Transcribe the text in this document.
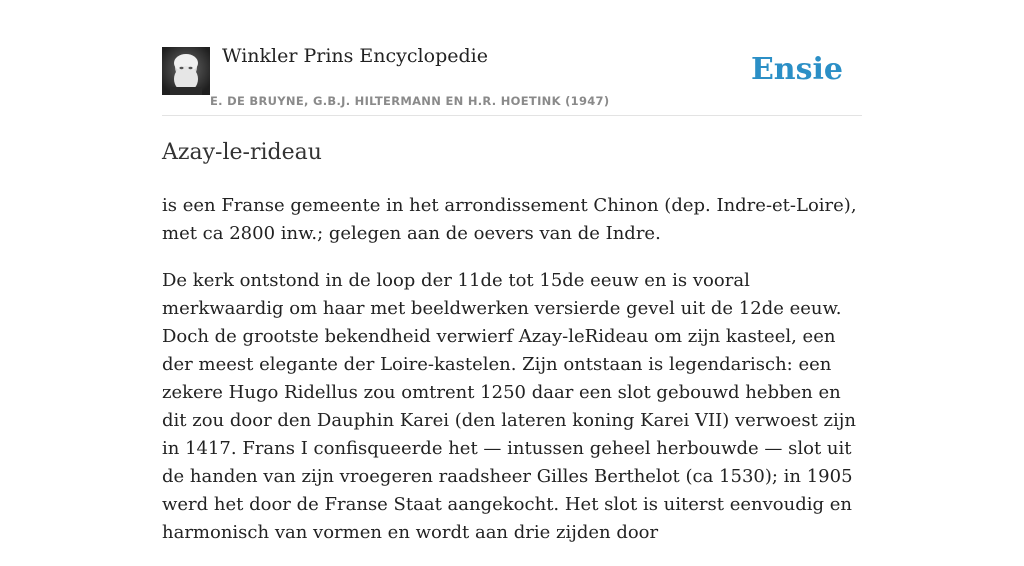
Winkler Prins Encyclopedie
E. DE BRUYNE, G.B.J. HILTERMANN EN H.R. HOETINK (1947)
Ensie
Azay-le-rideau

is een Franse gemeente in het arrondissement Chinon (dep. Indre-et-Loire), met ca 2800 inw.; gelegen aan de oevers van de Indre.

De kerk ontstond in de loop der 11de tot 15de eeuw en is vooral merkwaardig om haar met beeldwerken versierde gevel uit de 12de eeuw. Doch de grootste bekendheid verwierf Azay-leRideau om zijn kasteel, een der meest elegante der Loire-kastelen. Zijn ontstaan is legendarisch: een zekere Hugo Ridellus zou omtrent 1250 daar een slot gebouwd hebben en dit zou door den Dauphin Karei (den lateren koning Karei VII) verwoest zijn in 1417. Frans I confisqueerde het — intussen geheel herbouwde — slot uit de handen van zijn vroegeren raadsheer Gilles Berthelot (ca 1530); in 1905 werd het door de Franse Staat aangekocht. Het slot is uiterst eenvoudig en harmonisch van vormen en wordt aan drie zijden door
